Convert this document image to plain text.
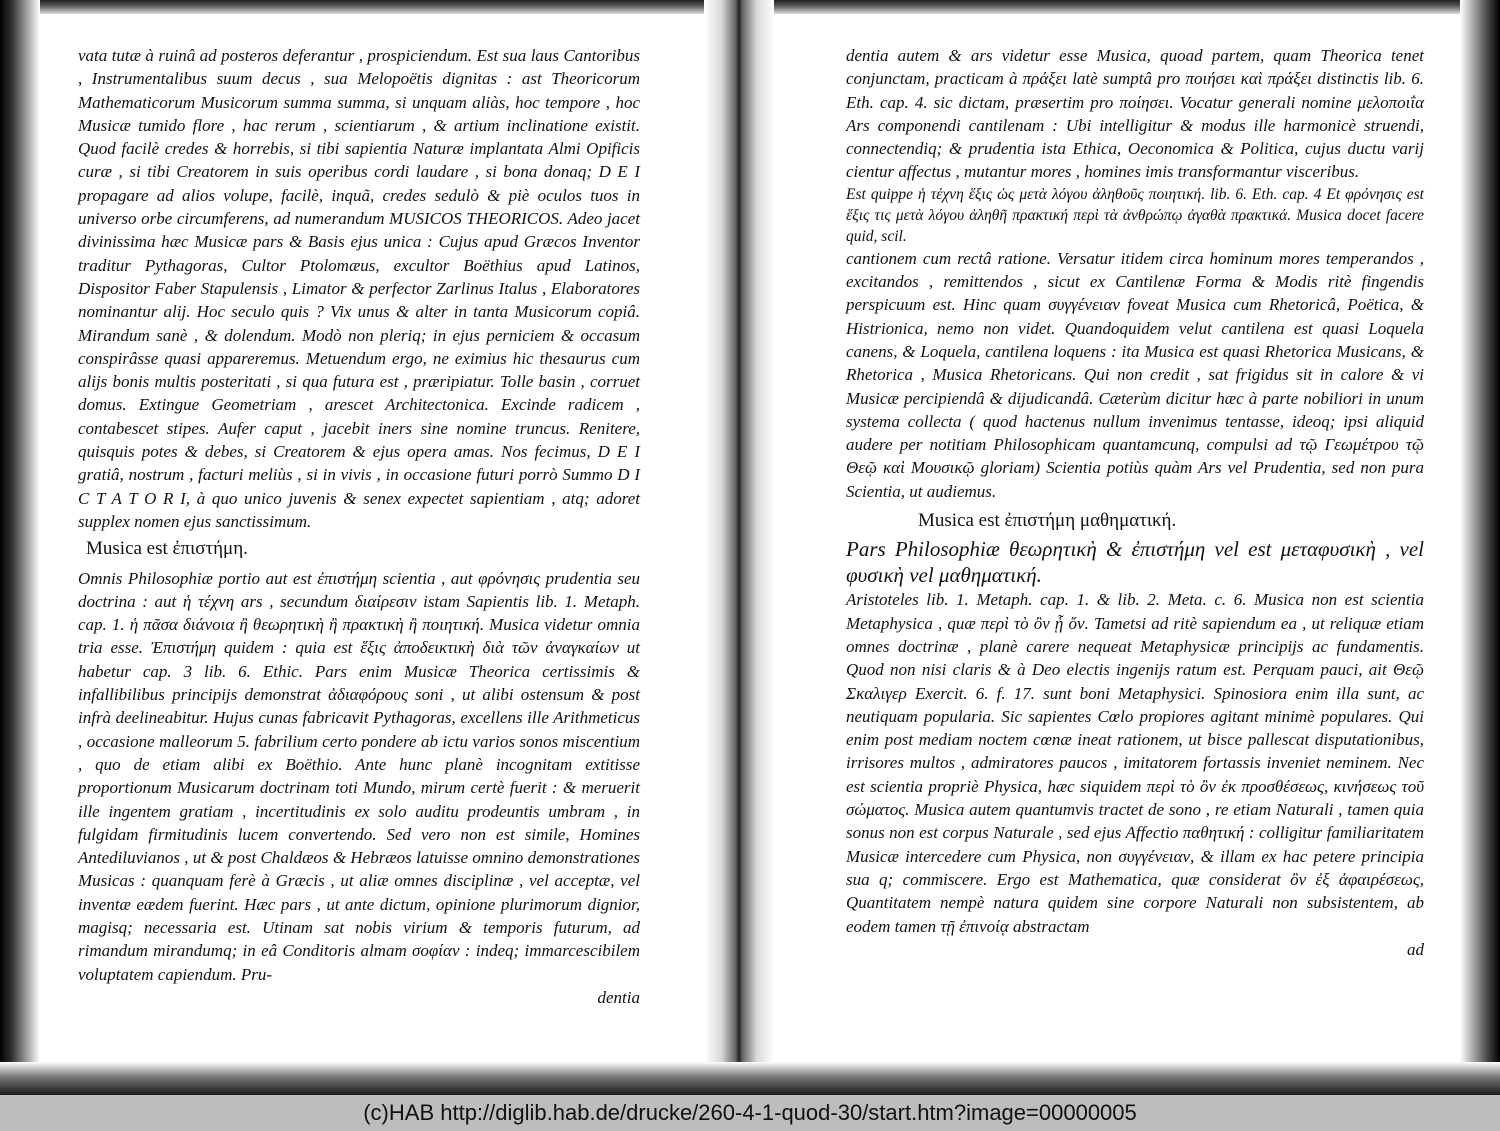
vata tutæ à ruinâ ad posteros deferantur , prospiciendum. Est sua laus Cantoribus , Instrumentalibus suum decus , sua Melopoëtis dignitas : ast Theoricorum Mathematicorum Musicorum summa summa, si unquam aliàs, hoc tempore , hoc Musicæ tumido flore , hac rerum , scientiarum , & artium inclinatione existit. Quod facilè credes & horrebis, si tibi sapientia Naturæ implantata Almi Opificis curæ , si tibi Creatorem in suis operibus cordi laudare , si bona donaq; D E I propagare ad alios volupe, facilè, inquã, credes sedulò & piè oculos tuos in universo orbe circumferens, ad numerandum MUSICOS THEORICOS. Adeo jacet divinissima hæc Musicæ pars & Basis ejus unica : Cujus apud Græcos Inventor traditur Pythagoras, Cultor Ptolomæus, excultor Boëthius apud Latinos, Dispositor Faber Stapulensis , Limator & perfector Zarlinus Italus , Elaboratores nominantur alij. Hoc seculo quis ? Vix unus & alter in tanta Musicorum copiâ. Mirandum sanè , & dolendum. Modò non pleriq; in ejus perniciem & occasum conspirâsse quasi appareremus. Metuendum ergo, ne eximius hic thesaurus cum alijs bonis multis posteritati , si qua futura est , præripiatur. Tolle basin , corruet domus. Extingue Geometriam , arescet Architectonica. Excinde radicem , contabescet stipes. Aufer caput , jacebit iners sine nomine truncus. Renitere, quisquis potes & debes, si Creatorem & ejus opera amas. Nos fecimus, D E I gratiâ, nostrum , facturi meliùs , si in vivis , in occasione futuri porrò Summo D I C T A T O R I, à quo unico juvenis & senex expectet sapientiam , atq; adoret supplex nomen ejus sanctissimum.

Musica est ἐπιστήμη.

Omnis Philosophiæ portio aut est ἐπιστήμη scientia , aut φρόνησις prudentia seu doctrina : aut ἡ τέχνη ars , secundum διαίρεσιν istam Sapientis lib. 1. Metaph. cap. 1. ἡ πᾶσα διάνοια ἢ θεωρητικὴ ἢ πρακτικὴ ἢ ποιητική. Musica videtur omnia tria esse. Ἐπιστήμη quidem : quia est ἕξις ἀποδεικτικὴ διὰ τῶν ἀναγκαίων ut habetur cap. 3 lib. 6. Ethic. Pars enim Musicæ Theorica certissimis & infallibilibus principijs demonstrat ἀδιαφόρους soni , ut alibi ostensum & post infrà deelineabitur. Hujus cunas fabricavit Pythagoras, excellens ille Arithmeticus , occasione malleorum 5. fabrilium certo pondere ab ictu varios sonos miscentium , quo de etiam alibi ex Boëthio. Ante hunc planè incognitam extitisse proportionum Musicarum doctrinam toti Mundo, mirum certè fuerit : & meruerit ille ingentem gratiam , incertitudinis ex solo auditu prodeuntis umbram , in fulgidam firmitudinis lucem convertendo. Sed vero non est simile, Homines Antediluvianos , ut & post Chaldæos & Hebræos latuisse omnino demonstrationes Musicas : quanquam ferè à Græcis , ut aliæ omnes disciplinæ , vel acceptæ, vel inventæ eædem fuerint. Hæc pars , ut ante dictum, opinione plurimorum dignior, magisq; necessaria est. Utinam sat nobis virium & temporis futurum, ad rimandum mirandumq; in eâ Conditoris almam σοφίαν : indeq; immarcescibilem voluptatem capiendum. Pru-

dentia

dentia autem & ars videtur esse Musica, quoad partem, quam Theorica tenet conjunctam, practicam à πράξει latè sumptâ pro ποιήσει καὶ πράξει distinctis lib. 6. Eth. cap. 4. sic dictam, præsertim pro ποίησει. Vocatur generali nomine μελοποιΐα Ars componendi cantilenam : Ubi intelligitur & modus ille harmonicè struendi, connectendiq; & prudentia ista Ethica, Oeconomica & Politica, cujus ductu varij cientur affectus , mutantur mores , homines imis transformantur visceribus.

Est quippe ἡ τέχνη ἕξις ὡς μετὰ λόγου ἀληθοῦς ποιητική. lib. 6. Eth. cap. 4 Et φρόνησις est ἕξις τις μετὰ λόγου ἀληθῆ πρακτική περὶ τὰ ἀνθρώπῳ ἀγαθὰ πρακτικά. Musica docet facere quid, scil.

cantionem cum rectâ ratione. Versatur itidem circa hominum mores temperandos , excitandos , remittendos , sicut ex Cantilenæ Forma & Modis ritè fingendis perspicuum est. Hinc quam συγγένειαν foveat Musica cum Rhetoricâ, Poëtica, & Histrionica, nemo non videt. Quandoquidem velut cantilena est quasi Loquela canens, & Loquela, cantilena loquens : ita Musica est quasi Rhetorica Musicans, & Rhetorica , Musica Rhetoricans. Qui non credit , sat frigidus sit in calore & vi Musicæ percipiendâ & dijudicandâ. Cæterùm dicitur hæc à parte nobiliori in unum systema collecta ( quod hactenus nullum invenimus tentasse, ideoq; ipsi aliquid audere per notitiam Philosophicam quantamcunq, compulsi ad τῷ Γεωμέτρου τῷ Θεῷ καὶ Μουσικῷ gloriam) Scientia potiùs quàm Ars vel Prudentia, sed non pura Scientia, ut audiemus.

Musica est ἐπιστήμη μαθηματική.

Pars Philosophiæ θεωρητικὴ & ἐπιστήμη vel est μεταφυσικὴ , vel φυσικὴ vel μαθηματική.

Aristoteles lib. 1. Metaph. cap. 1. & lib. 2. Meta. c. 6. Musica non est scientia Metaphysica , quæ περὶ τὸ ὂν ᾗ ὄν. Tametsi ad ritè sapiendum ea , ut reliquæ etiam omnes doctrinæ , planè carere nequeat Metaphysicæ principijs ac fundamentis. Quod non nisi claris & à Deo electis ingenijs ratum est. Perquam pauci, ait Θεῷ Σκαλιγερ Exercit. 6. f. 17. sunt boni Metaphysici. Spinosiora enim illa sunt, ac neutiquam popularia. Sic sapientes Cœlo propiores agitant minimè populares. Qui enim post mediam noctem cœnæ ineat rationem, ut bisce pallescat disputationibus, irrisores multos , admiratores paucos , imitatorem fortassis inveniet neminem. Nec est scientia propriè Physica, hæc siquidem περὶ τὸ ὂν ἐκ προσθέσεως, κινήσεως τοῦ σώματος. Musica autem quantumvis tractet de sono , re etiam Naturali , tamen quia sonus non est corpus Naturale , sed ejus Affectio παθητική : colligitur familiaritatem Musicæ intercedere cum Physica, non συγγένειαν, & illam ex hac petere principia sua q; commiscere. Ergo est Mathematica, quæ considerat ὂν ἐξ ἀφαιρέσεως, Quantitatem nempè natura quidem sine corpore Naturali non subsistentem, ab eodem tamen τῇ ἐπινοίᾳ abstractam

ad

(c)HAB http://diglib.hab.de/drucke/260-4-1-quod-30/start.htm?image=00000005
